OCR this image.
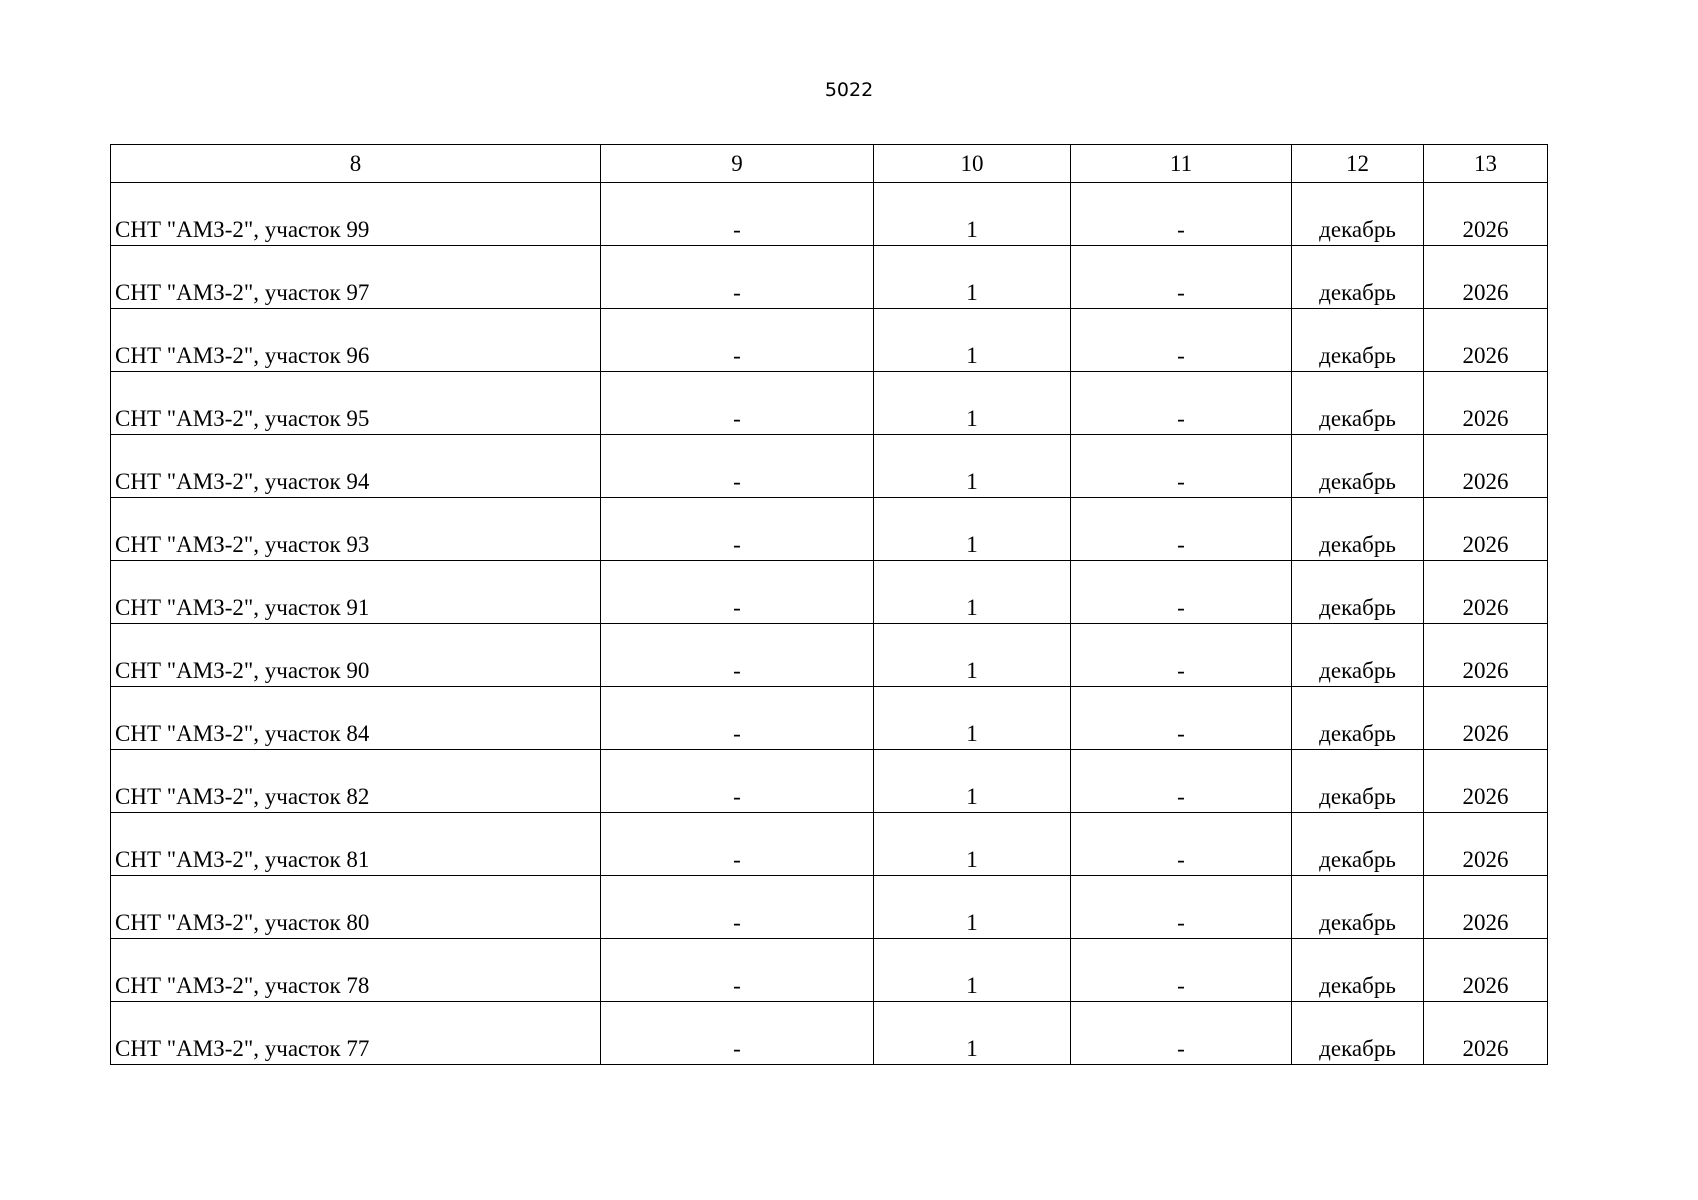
5022
8	9	10	11	12	13
СНТ "АМЗ-2", участок 99	-	1	-	декабрь	2026
СНТ "АМЗ-2", участок 97	-	1	-	декабрь	2026
СНТ "АМЗ-2", участок 96	-	1	-	декабрь	2026
СНТ "АМЗ-2", участок 95	-	1	-	декабрь	2026
СНТ "АМЗ-2", участок 94	-	1	-	декабрь	2026
СНТ "АМЗ-2", участок 93	-	1	-	декабрь	2026
СНТ "АМЗ-2", участок 91	-	1	-	декабрь	2026
СНТ "АМЗ-2", участок 90	-	1	-	декабрь	2026
СНТ "АМЗ-2", участок 84	-	1	-	декабрь	2026
СНТ "АМЗ-2", участок 82	-	1	-	декабрь	2026
СНТ "АМЗ-2", участок 81	-	1	-	декабрь	2026
СНТ "АМЗ-2", участок 80	-	1	-	декабрь	2026
СНТ "АМЗ-2", участок 78	-	1	-	декабрь	2026
СНТ "АМЗ-2", участок 77	-	1	-	декабрь	2026
